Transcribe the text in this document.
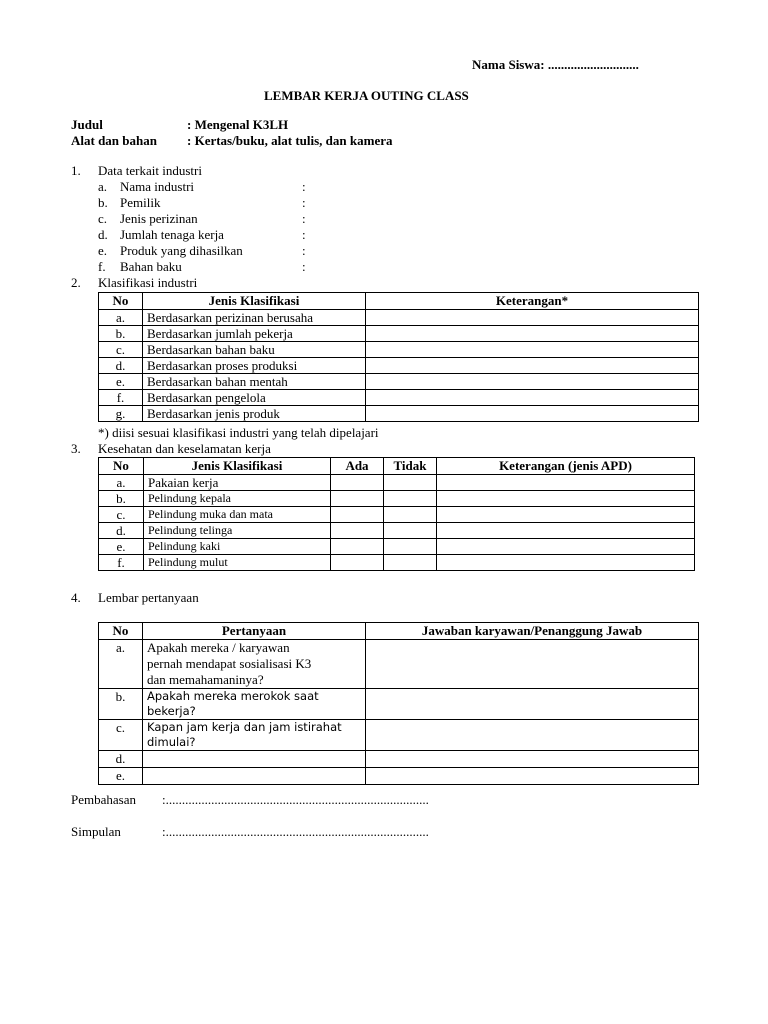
Nama Siswa: ............................
LEMBAR KERJA OUTING CLASS
Judul	: Mengenal K3LH
Alat dan bahan : Kertas/buku, alat tulis, dan kamera
1. Data terkait industri
a. Nama industri	:
b. Pemilik	:
c. Jenis perizinan	:
d. Jumlah tenaga kerja	:
e. Produk yang dihasilkan	:
f. Bahan baku	:
2. Klasifikasi industri
No	Jenis Klasifikasi	Keterangan*
a.	Berdasarkan perizinan berusaha	
b.	Berdasarkan jumlah pekerja	
c.	Berdasarkan bahan baku	
d.	Berdasarkan proses produksi	
e.	Berdasarkan bahan mentah	
f.	Berdasarkan pengelola	
g.	Berdasarkan jenis produk	
*) diisi sesuai klasifikasi industri yang telah dipelajari
3. Kesehatan dan keselamatan kerja
No	Jenis Klasifikasi	Ada	Tidak	Keterangan (jenis APD)
a.	Pakaian kerja			
b.	Pelindung kepala			
c.	Pelindung muka dan mata			
d.	Pelindung telinga			
e.	Pelindung kaki			
f.	Pelindung mulut			
4. Lembar pertanyaan
No	Pertanyaan	Jawaban karyawan/Penanggung Jawab
a.	Apakah mereka / karyawan
pernah mendapat sosialisasi K3
dan memahamaninya?	

b.	Apakah mereka merokok saat
bekerja?	

c.	Kapan jam kerja dan jam istirahat
dimulai?	

d.		
e.		
Pembahasan :.................................................................................
Simpulan	:.................................................................................
